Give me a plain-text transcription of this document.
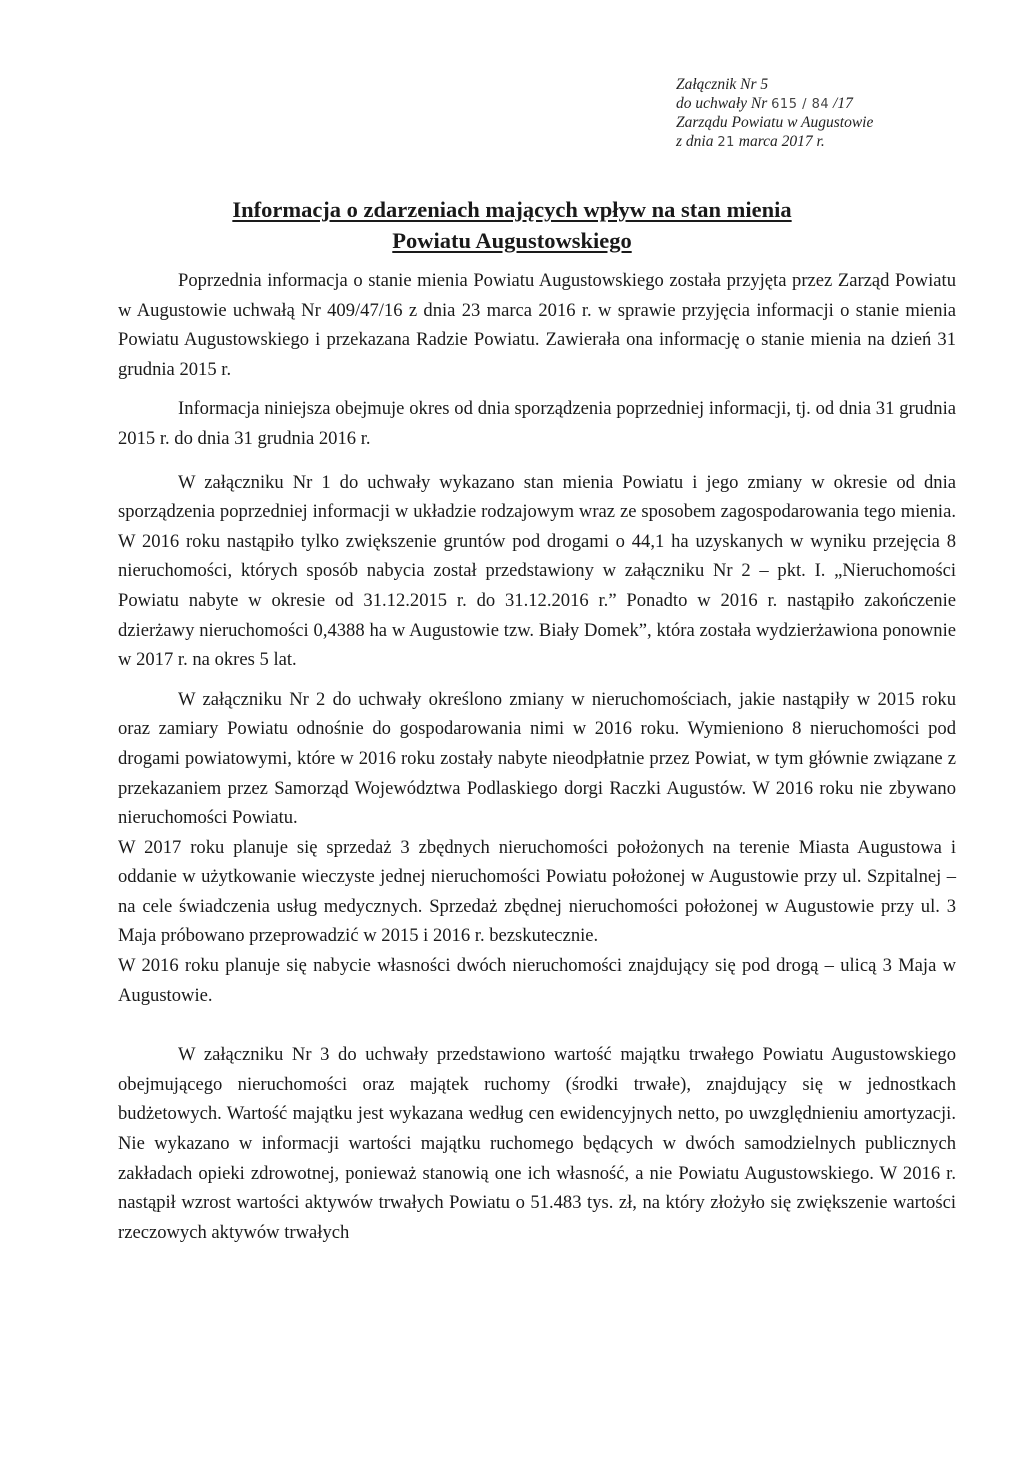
Załącznik Nr 5
do uchwały Nr 615 / 84 /17
Zarządu Powiatu w Augustowie
z dnia 21 marca 2017 r.
Informacja o zdarzeniach mających wpływ na stan mienia
Powiatu Augustowskiego

Poprzednia informacja o stanie mienia Powiatu Augustowskiego została przyjęta przez Zarząd Powiatu w Augustowie uchwałą Nr 409/47/16 z dnia 23 marca 2016 r. w sprawie przyjęcia informacji o stanie mienia Powiatu Augustowskiego i przekazana Radzie Powiatu. Zawierała ona informację o stanie mienia na dzień 31 grudnia 2015 r.

Informacja niniejsza obejmuje okres od dnia sporządzenia poprzedniej informacji, tj. od dnia 31 grudnia 2015 r. do dnia 31 grudnia 2016 r.

W załączniku Nr 1 do uchwały wykazano stan mienia Powiatu i jego zmiany w okresie od dnia sporządzenia poprzedniej informacji w układzie rodzajowym wraz ze sposobem zagospodarowania tego mienia. W 2016 roku nastąpiło tylko zwiększenie gruntów pod drogami o 44,1 ha uzyskanych w wyniku przejęcia 8 nieruchomości, których sposób nabycia został przedstawiony w załączniku Nr 2 – pkt. I. „Nieruchomości Powiatu nabyte w okresie od 31.12.2015 r. do 31.12.2016 r.” Ponadto w 2016 r. nastąpiło zakończenie dzierżawy nieruchomości 0,4388 ha w Augustowie tzw. Biały Domek”, która została wydzierżawiona ponownie w 2017 r. na okres 5 lat.

W załączniku Nr 2 do uchwały określono zmiany w nieruchomościach, jakie nastąpiły w 2015 roku oraz zamiary Powiatu odnośnie do gospodarowania nimi w 2016 roku. Wymieniono 8 nieruchomości pod drogami powiatowymi, które w 2016 roku zostały nabyte nieodpłatnie przez Powiat, w tym głównie związane z przekazaniem przez Samorząd Województwa Podlaskiego dorgi Raczki Augustów. W 2016 roku nie zbywano nieruchomości Powiatu.

W 2017 roku planuje się sprzedaż 3 zbędnych nieruchomości położonych na terenie Miasta Augustowa i oddanie w użytkowanie wieczyste jednej nieruchomości Powiatu położonej w Augustowie przy ul. Szpitalnej – na cele świadczenia usług medycznych. Sprzedaż zbędnej nieruchomości położonej w Augustowie przy ul. 3 Maja próbowano przeprowadzić w 2015 i 2016 r. bezskutecznie.

W 2016 roku planuje się nabycie własności dwóch nieruchomości znajdujący się pod drogą – ulicą 3 Maja w Augustowie.

W załączniku Nr 3 do uchwały przedstawiono wartość majątku trwałego Powiatu Augustowskiego obejmującego nieruchomości oraz majątek ruchomy (środki trwałe), znajdujący się w jednostkach budżetowych. Wartość majątku jest wykazana według cen ewidencyjnych netto, po uwzględnieniu amortyzacji. Nie wykazano w informacji wartości majątku ruchomego będących w dwóch samodzielnych publicznych zakładach opieki zdrowotnej, ponieważ stanowią one ich własność, a nie Powiatu Augustowskiego. W 2016 r. nastąpił wzrost wartości aktywów trwałych Powiatu o 51.483 tys. zł, na który złożyło się zwiększenie wartości rzeczowych aktywów trwałych
